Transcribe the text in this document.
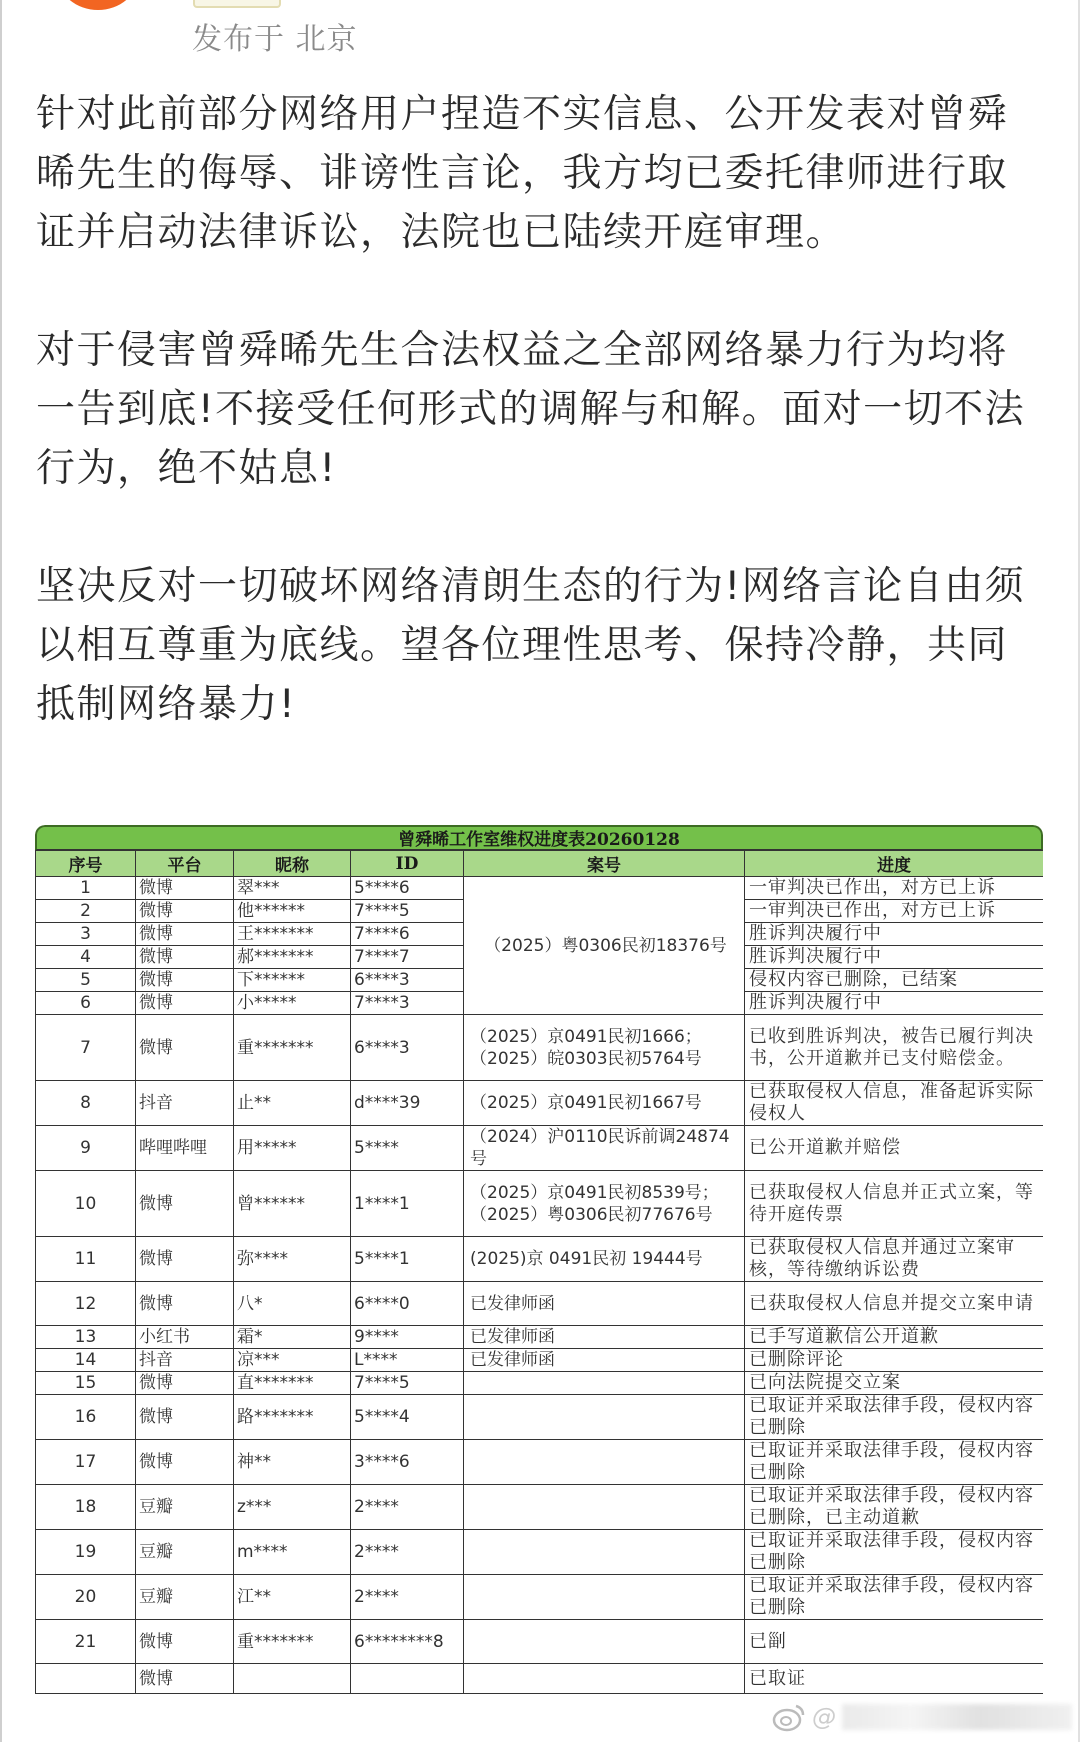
发布于 北京

针对此前部分网络用户捏造不实信息、公开发表对曾舜晞先生的侮辱、诽谤性言论，我方均已委托律师进行取证并启动法律诉讼，法院也已陆续开庭审理。

对于侵害曾舜晞先生合法权益之全部网络暴力行为均将一告到底!不接受任何形式的调解与和解。面对一切不法行为，绝不姑息!

坚决反对一切破坏网络清朗生态的行为!网络言论自由须以相互尊重为底线。望各位理性思考、保持冷静，共同抵制网络暴力!

曾舜晞工作室维权进度表20260128
序号	平台	昵称	ID	案号	进度
1	微博	翠***	5****6	（2025）粤0306民初18376号	一审判决已作出，对方已上诉
2	微博	他******	7****5		一审判决已作出，对方已上诉
3	微博	王*******	7****6		胜诉判决履行中
4	微博	郝*******	7****7		胜诉判决履行中
5	微博	下******	6****3		侵权内容已删除，已结案
6	微博	小*****	7****3		胜诉判决履行中
7	微博	重*******	6****3	（2025）京0491民初1666；（2025）皖0303民初5764号	已收到胜诉判决，被告已履行判决书，公开道歉并已支付赔偿金。
8	抖音	止**	d****39	（2025）京0491民初1667号	已获取侵权人信息，准备起诉实际侵权人
9	哔哩哔哩	用*****	5****	（2024）沪0110民诉前调24874号	已公开道歉并赔偿
10	微博	曾******	1****1	（2025）京0491民初8539号；（2025）粤0306民初77676号	已获取侵权人信息并正式立案，等待开庭传票
11	微博	弥****	5****1	(2025)京 0491民初 19444号	已获取侵权人信息并通过立案审核，等待缴纳诉讼费
12	微博	八*	6****0	已发律师函	已获取侵权人信息并提交立案申请
13	小红书	霜*	9****	已发律师函	已手写道歉信公开道歉
14	抖音	凉***	L****	已发律师函	已删除评论
15	微博	直*******	7****5		已向法院提交立案
16	微博	路*******	5****4		已取证并采取法律手段，侵权内容已删除
17	微博	神**	3****6		已取证并采取法律手段，侵权内容已删除
18	豆瓣	z***	2****		已取证并采取法律手段，侵权内容已删除，已主动道歉
19	豆瓣	m****	2****		已取证并采取法律手段，侵权内容已删除
20	豆瓣	江**	2****		已取证并采取法律手段，侵权内容已删除
21	微博	重*******	6********8		已㓯
	微博				已取证
@
